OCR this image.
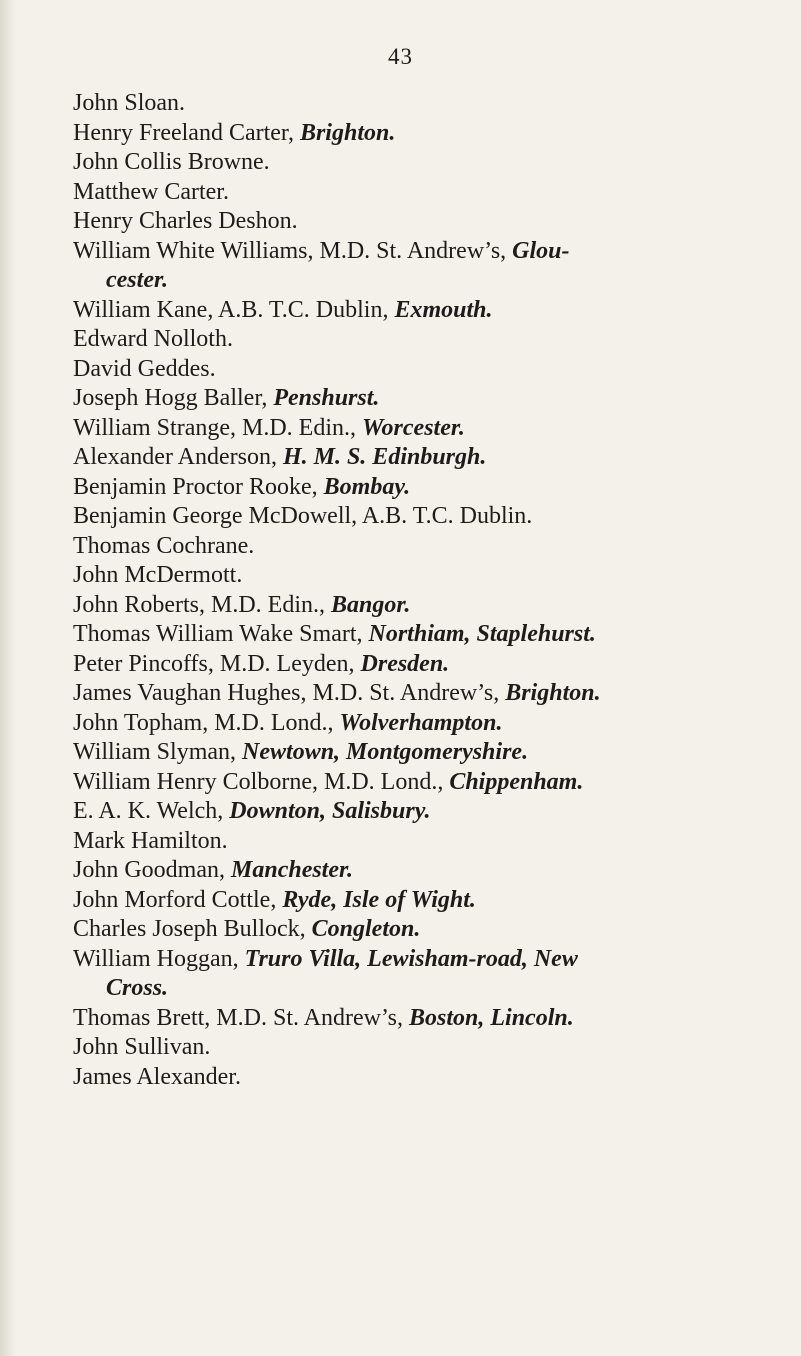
43
John Sloan.
Henry Freeland Carter, Brighton.
John Collis Browne.
Matthew Carter.
Henry Charles Deshon.
William White Williams, M.D. St. Andrew’s, Glou-
cester.
William Kane, A.B. T.C. Dublin, Exmouth.
Edward Nolloth.
David Geddes.
Joseph Hogg Baller, Penshurst.
William Strange, M.D. Edin., Worcester.
Alexander Anderson, H. M. S. Edinburgh.
Benjamin Proctor Rooke, Bombay.
Benjamin George McDowell, A.B. T.C. Dublin.
Thomas Cochrane.
John McDermott.
John Roberts, M.D. Edin., Bangor.
Thomas William Wake Smart, Northiam, Staplehurst.
Peter Pincoffs, M.D. Leyden, Dresden.
James Vaughan Hughes, M.D. St. Andrew’s, Brighton.
John Topham, M.D. Lond., Wolverhampton.
William Slyman, Newtown, Montgomeryshire.
William Henry Colborne, M.D. Lond., Chippenham.
E. A. K. Welch, Downton, Salisbury.
Mark Hamilton.
John Goodman, Manchester.
John Morford Cottle, Ryde, Isle of Wight.
Charles Joseph Bullock, Congleton.
William Hoggan, Truro Villa, Lewisham-road, New
Cross.
Thomas Brett, M.D. St. Andrew’s, Boston, Lincoln.
John Sullivan.
James Alexander.
